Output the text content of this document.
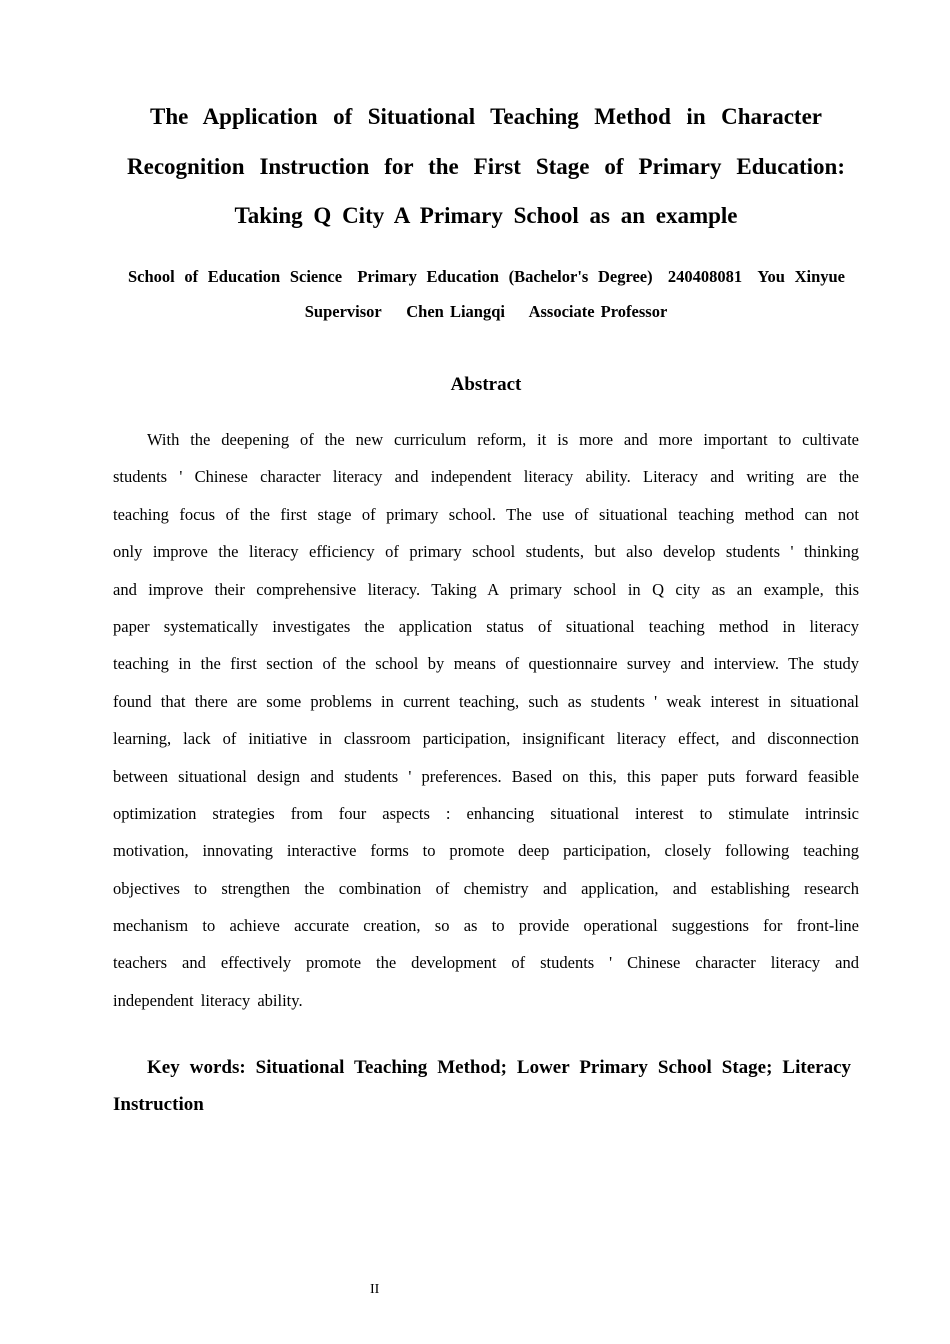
The Application of Situational Teaching Method in Character
Recognition Instruction for the First Stage of Primary Education:
Taking Q City A Primary School as an example
School of Education Science Primary Education (Bachelor's Degree) 240408081 You Xinyue
Supervisor Chen Liangqi Associate Professor
Abstract
With the deepening of the new curriculum reform, it is more and more important to cultivate
students ' Chinese character literacy and independent literacy ability. Literacy and writing are the
teaching focus of the first stage of primary school. The use of situational teaching method can not
only improve the literacy efficiency of primary school students, but also develop students ' thinking
and improve their comprehensive literacy. Taking A primary school in Q city as an example, this
paper systematically investigates the application status of situational teaching method in literacy
teaching in the first section of the school by means of questionnaire survey and interview. The study
found that there are some problems in current teaching, such as students ' weak interest in situational
learning, lack of initiative in classroom participation, insignificant literacy effect, and disconnection
between situational design and students ' preferences. Based on this, this paper puts forward feasible
optimization strategies from four aspects : enhancing situational interest to stimulate intrinsic
motivation, innovating interactive forms to promote deep participation, closely following teaching
objectives to strengthen the combination of chemistry and application, and establishing research
mechanism to achieve accurate creation, so as to provide operational suggestions for front-line
teachers and effectively promote the development of students ' Chinese character literacy and
independent literacy ability.
Key words: Situational Teaching Method; Lower Primary School Stage; Literacy
Instruction
II
